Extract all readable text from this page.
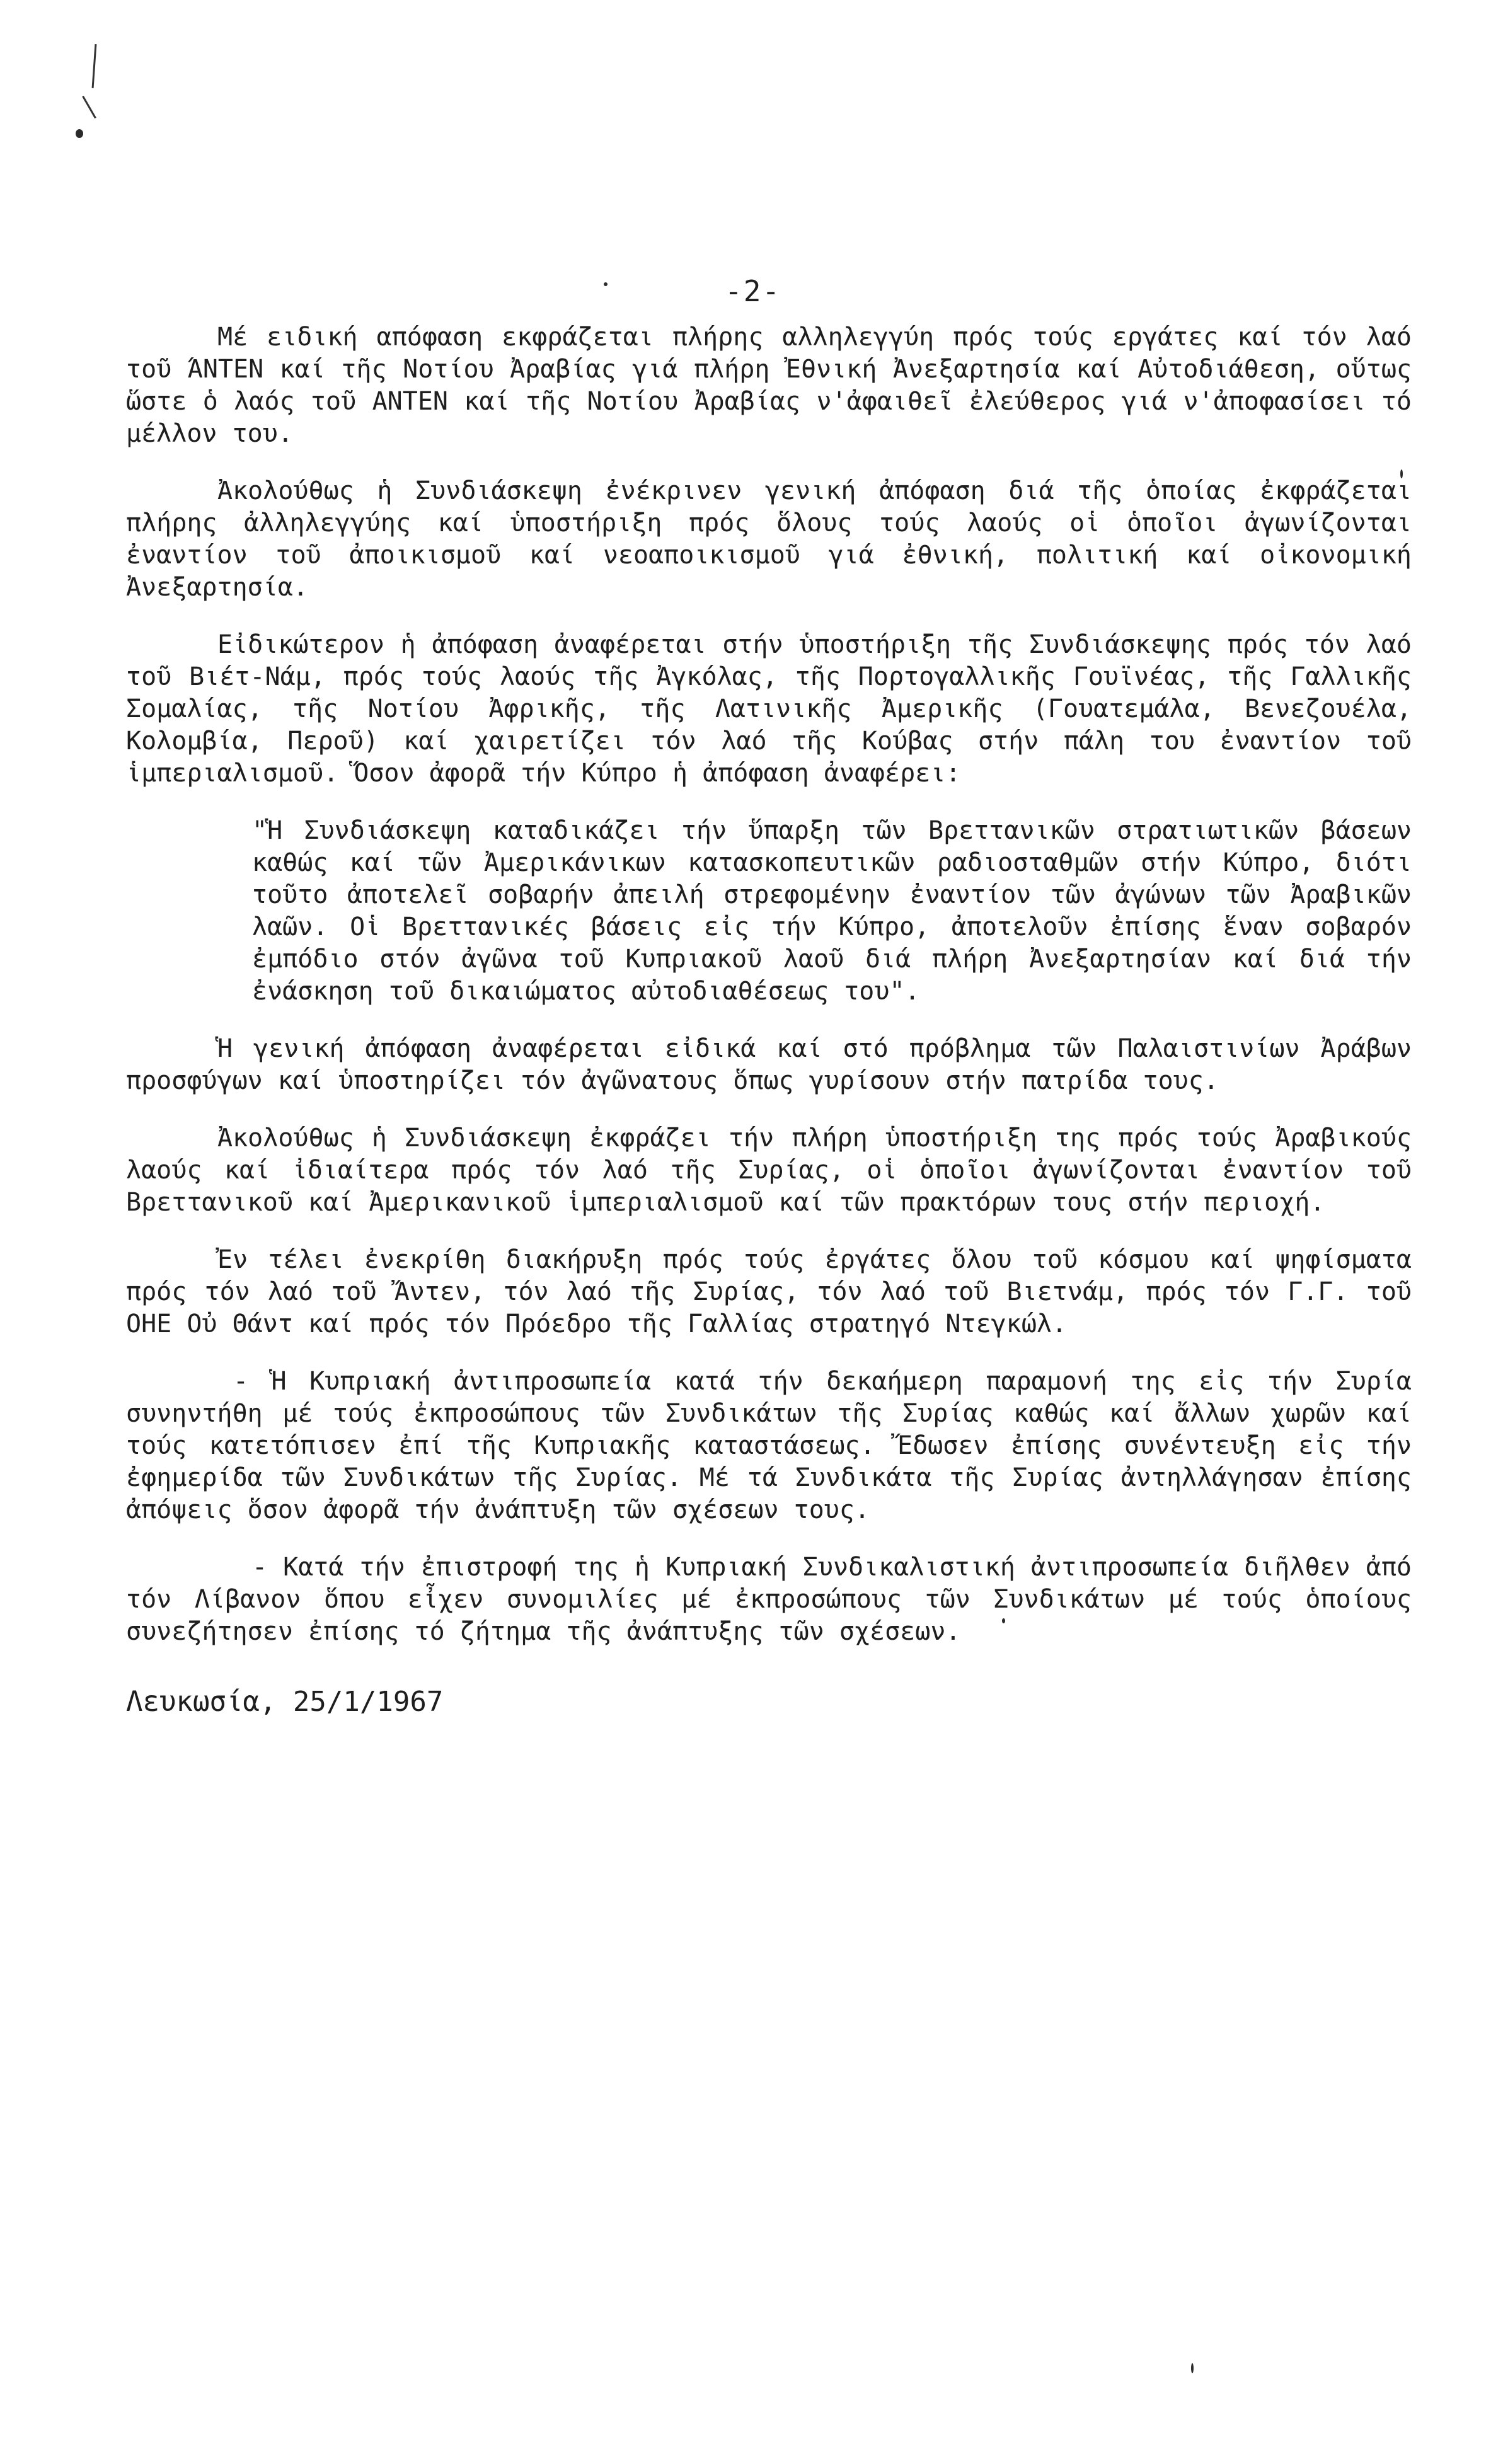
-2-

Μέ ειδική απόφαση εκφράζεται πλήρης αλληλεγγύη πρός τούς εργάτες καί τόν λαό τοῦ ΆΝΤΕΝ καί τῆς Νοτίου Ἀραβίας γιά πλήρη Ἐθνική Ἀνεξαρτησία καί Αὐτοδιάθεση, οὕτως ὥστε ὁ λαός τοῦ ΑΝΤΕΝ καί τῆς Νοτίου Ἀραβίας ν'ἀφαιθεῖ ἐλεύθερος γιά ν'ἀποφασίσει τό μέλλον του.

Ἀκολούθως ἡ Συνδιάσκεψη ἐνέκρινεν γενική ἀπόφαση διά τῆς ὁποίας ἐκφράζεται πλήρης ἀλληλεγγύης καί ὑποστήριξη πρός ὅλους τούς λαούς οἱ ὁποῖοι ἀγωνίζονται ἐναντίον τοῦ ἀποικισμοῦ καί νεοαποικισμοῦ γιά ἐθνική, πολιτική καί οἰκονομική Ἀνεξαρτησία.

Εἰδικώτερον ἡ ἀπόφαση ἀναφέρεται στήν ὑποστήριξη τῆς Συνδιάσκεψης πρός τόν λαό τοῦ Βιέτ-Νάμ, πρός τούς λαούς τῆς Ἀγκόλας, τῆς Πορτογαλλικῆς Γουϊνέας, τῆς Γαλλικῆς Σομαλίας, τῆς Νοτίου Ἀφρικῆς, τῆς Λατινικῆς Ἀμερικῆς (Γουατεμάλα, Βενεζουέλα, Κολομβία, Περοῦ) καί χαιρετίζει τόν λαό τῆς Κούβας στήν πάλη του ἐναντίον τοῦ ἱμπεριαλισμοῦ. Ὅσον ἀφορᾶ τήν Κύπρο ἡ ἀπόφαση ἀναφέρει:

"Ἡ Συνδιάσκεψη καταδικάζει τήν ὕπαρξη τῶν Βρεττανικῶν στρατιωτικῶν βάσεων καθώς καί τῶν Ἀμερικάνικων κατασκοπευτικῶν ραδιοσταθμῶν στήν Κύπρο, διότι τοῦτο ἀποτελεῖ σοβαρήν ἀπειλή στρεφομένην ἐναντίον τῶν ἀγώνων τῶν Ἀραβικῶν λαῶν. Οἱ Βρεττανικές βάσεις εἰς τήν Κύπρο, ἀποτελοῦν ἐπίσης ἕναν σοβαρόν ἐμπόδιο στόν ἀγῶνα τοῦ Κυπριακοῦ λαοῦ διά πλήρη Ἀνεξαρτησίαν καί διά τήν ἐνάσκηση τοῦ δικαιώματος αὐτοδιαθέσεως του".

Ἡ γενική ἀπόφαση ἀναφέρεται εἰδικά καί στό πρόβλημα τῶν Παλαιστινίων Ἀράβων προσφύγων καί ὑποστηρίζει τόν ἀγῶνατους ὅπως γυρίσουν στήν πατρίδα τους.

Ἀκολούθως ἡ Συνδιάσκεψη ἐκφράζει τήν πλήρη ὑποστήριξη της πρός τούς Ἀραβικούς λαούς καί ἰδιαίτερα πρός τόν λαό τῆς Συρίας, οἱ ὁποῖοι ἀγωνίζονται ἐναντίον τοῦ Βρεττανικοῦ καί Ἀμερικανικοῦ ἱμπεριαλισμοῦ καί τῶν πρακτόρων τους στήν περιοχή.

Ἐν τέλει ἐνεκρίθη διακήρυξη πρός τούς ἐργάτες ὅλου τοῦ κόσμου καί ψηφίσματα πρός τόν λαό τοῦ Ἄντεν, τόν λαό τῆς Συρίας, τόν λαό τοῦ Βιετνάμ, πρός τόν Γ.Γ. τοῦ ΟΗΕ Οὐ Θάντ καί πρός τόν Πρόεδρο τῆς Γαλλίας στρατηγό Ντεγκώλ.

- Ἡ Κυπριακή ἀντιπροσωπεία κατά τήν δεκαήμερη παραμονή της εἰς τήν Συρία συνηντήθη μέ τούς ἐκπροσώπους τῶν Συνδικάτων τῆς Συρίας καθώς καί ἄλλων χωρῶν καί τούς κατετόπισεν ἐπί τῆς Κυπριακῆς καταστάσεως. Ἔδωσεν ἐπίσης συνέντευξη εἰς τήν ἐφημερίδα τῶν Συνδικάτων τῆς Συρίας. Μέ τά Συνδικάτα τῆς Συρίας ἀντηλλάγησαν ἐπίσης ἀπόψεις ὅσον ἀφορᾶ τήν ἀνάπτυξη τῶν σχέσεων τους.

- Κατά τήν ἐπιστροφή της ἡ Κυπριακή Συνδικαλιστική ἀντιπροσωπεία διῆλθεν ἀπό τόν Λίβανον ὅπου εἶχεν συνομιλίες μέ ἐκπροσώπους τῶν Συνδικάτων μέ τούς ὁποίους συνεζήτησεν ἐπίσης τό ζήτημα τῆς ἀνάπτυξης τῶν σχέσεων.

Λευκωσία, 25/1/1967
